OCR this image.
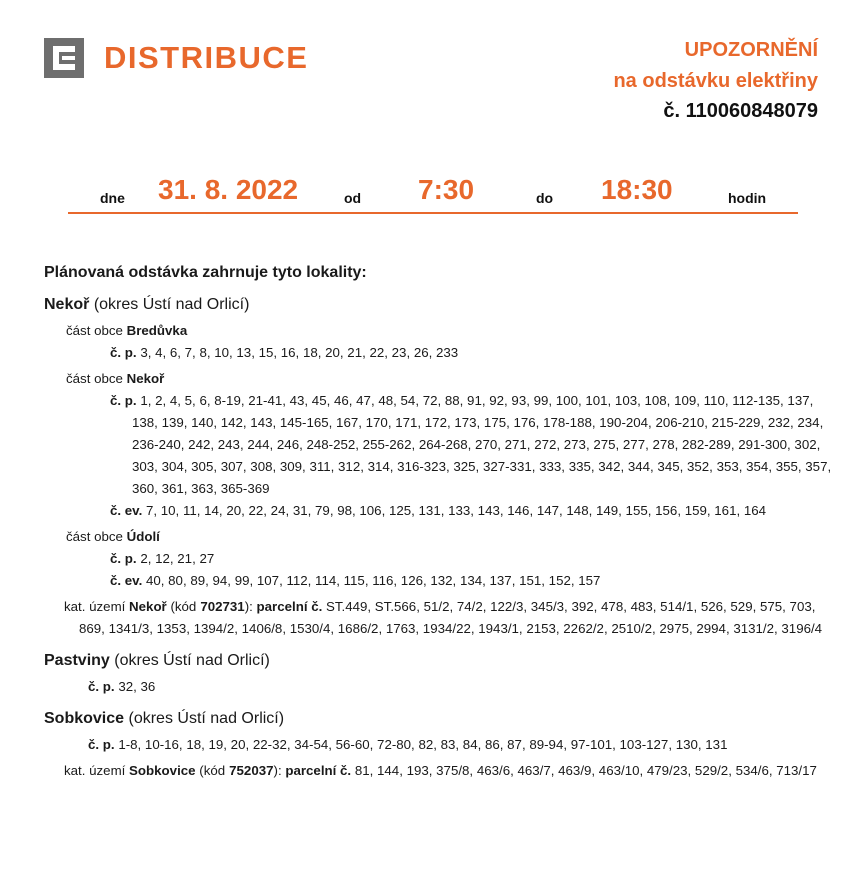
DISTRIBUCE	UPOZORNĚNÍ
na odstávku elektřiny
č. 110060848079
dne 31. 8. 2022	od 7:30	do 18:30	hodin
Plánovaná odstávka zahrnuje tyto lokality:
Nekoř (okres Ústí nad Orlicí)
část obce Bredůvka
č. p. 3, 4, 6, 7, 8, 10, 13, 15, 16, 18, 20, 21, 22, 23, 26, 233
část obce Nekoř
č. p. 1, 2, 4, 5, 6, 8-19, 21-41, 43, 45, 46, 47, 48, 54, 72, 88, 91, 92, 93, 99, 100, 101, 103, 108, 109, 110, 112-135, 137, 138, 139, 140, 142, 143, 145-165, 167, 170, 171, 172, 173, 175, 176, 178-188, 190-204, 206-210, 215-229, 232, 234, 236-240, 242, 243, 244, 246, 248-252, 255-262, 264-268, 270, 271, 272, 273, 275, 277, 278, 282-289, 291-300, 302, 303, 304, 305, 307, 308, 309, 311, 312, 314, 316-323, 325, 327-331, 333, 335, 342, 344, 345, 352, 353, 354, 355, 357, 360, 361, 363, 365-369
č. ev. 7, 10, 11, 14, 20, 22, 24, 31, 79, 98, 106, 125, 131, 133, 143, 146, 147, 148, 149, 155, 156, 159, 161, 164
část obce Údolí
č. p. 2, 12, 21, 27
č. ev. 40, 80, 89, 94, 99, 107, 112, 114, 115, 116, 126, 132, 134, 137, 151, 152, 157
kat. území Nekoř (kód 702731): parcelní č. ST.449, ST.566, 51/2, 74/2, 122/3, 345/3, 392, 478, 483, 514/1, 526, 529, 575, 703, 869, 1341/3, 1353, 1394/2, 1406/8, 1530/4, 1686/2, 1763, 1934/22, 1943/1, 2153, 2262/2, 2510/2, 2975, 2994, 3131/2, 3196/4
Pastviny (okres Ústí nad Orlicí)
č. p. 32, 36
Sobkovice (okres Ústí nad Orlicí)
č. p. 1-8, 10-16, 18, 19, 20, 22-32, 34-54, 56-60, 72-80, 82, 83, 84, 86, 87, 89-94, 97-101, 103-127, 130, 131
kat. území Sobkovice (kód 752037): parcelní č. 81, 144, 193, 375/8, 463/6, 463/7, 463/9, 463/10, 479/23, 529/2, 534/6, 713/17
